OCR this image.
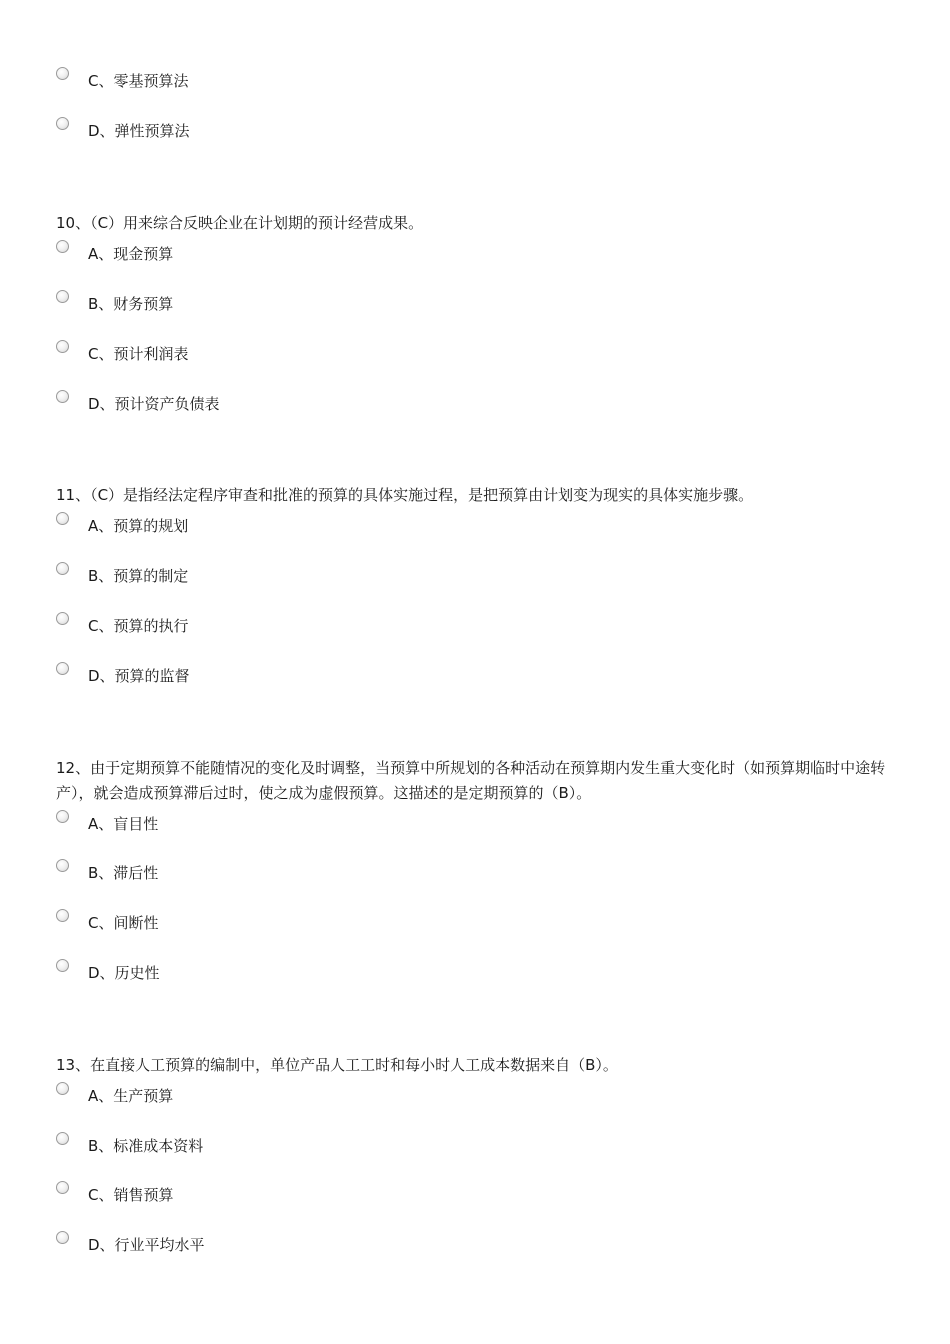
C、零基预算法
D、弹性预算法

10、（C）用来综合反映企业在计划期的预计经营成果。

A、现金预算
B、财务预算
C、预计利润表
D、预计资产负债表

11、（C）是指经法定程序审查和批准的预算的具体实施过程，是把预算由计划变为现实的具体实施步骤。

A、预算的规划
B、预算的制定
C、预算的执行
D、预算的监督

12、由于定期预算不能随情况的变化及时调整，当预算中所规划的各种活动在预算期内发生重大变化时（如预算期临时中途转产），就会造成预算滞后过时，使之成为虚假预算。这描述的是定期预算的（B）。

A、盲目性
B、滞后性
C、间断性
D、历史性

13、在直接人工预算的编制中，单位产品人工工时和每小时人工成本数据来自（B）。

A、生产预算
B、标准成本资料
C、销售预算
D、行业平均水平
